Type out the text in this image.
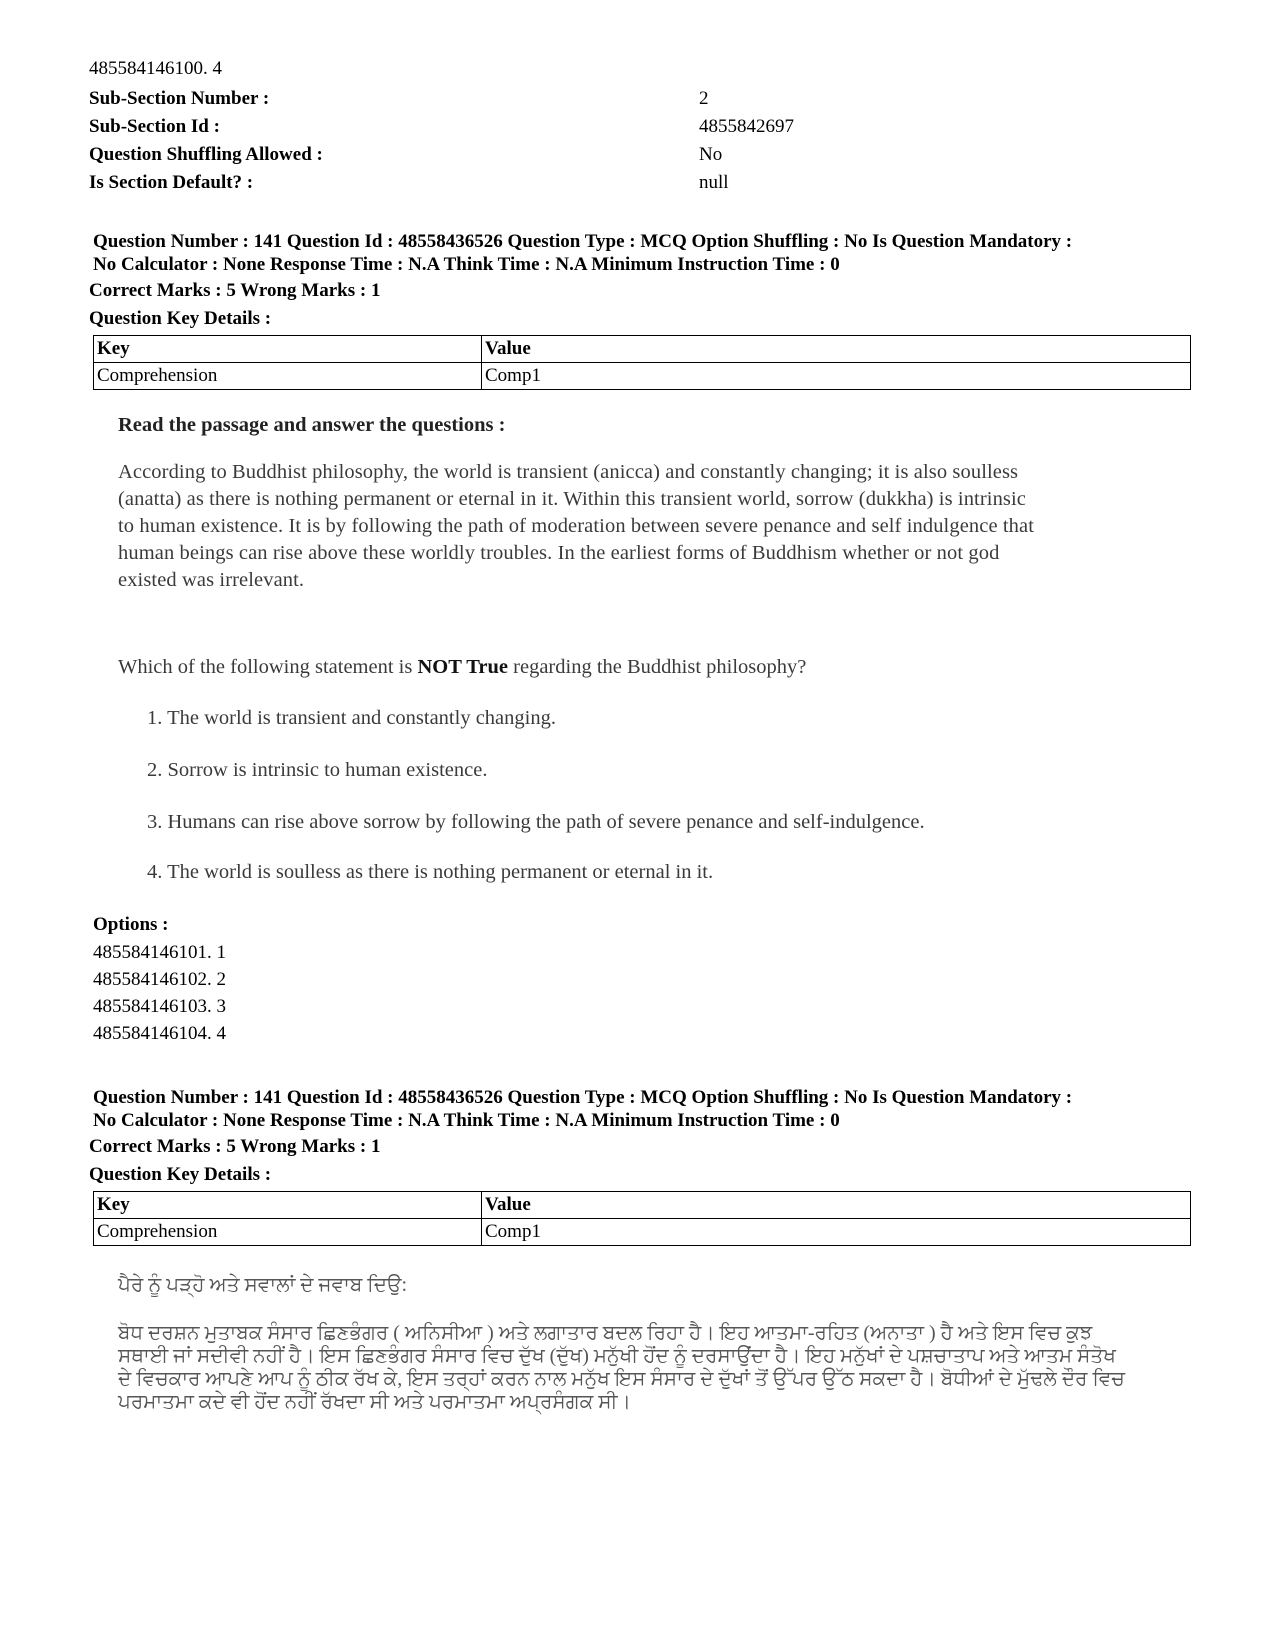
485584146100. 4
Sub-Section Number :	2
Sub-Section Id :	4855842697
Question Shuffling Allowed :	No
Is Section Default? :	null

Question Number : 141 Question Id : 48558436526 Question Type : MCQ Option Shuffling : No Is Question Mandatory :

No Calculator : None Response Time : N.A Think Time : N.A Minimum Instruction Time : 0

Correct Marks : 5 Wrong Marks : 1
Question Key Details :
Key	Value
Comprehension	Comp1
Read the passage and answer the questions :
According to Buddhist philosophy, the world is transient (anicca) and constantly changing; it is also soulless
(anatta) as there is nothing permanent or eternal in it. Within this transient world, sorrow (dukkha) is intrinsic
to human existence. It is by following the path of moderation between severe penance and self indulgence that
human beings can rise above these worldly troubles. In the earliest forms of Buddhism whether or not god
existed was irrelevant.
Which of the following statement is NOT True regarding the Buddhist philosophy?
1. The world is transient and constantly changing.
2. Sorrow is intrinsic to human existence.
3. Humans can rise above sorrow by following the path of severe penance and self-indulgence.
4. The world is soulless as there is nothing permanent or eternal in it.
Options :
485584146101. 1
485584146102. 2
485584146103. 3
485584146104. 4

Question Number : 141 Question Id : 48558436526 Question Type : MCQ Option Shuffling : No Is Question Mandatory :

No Calculator : None Response Time : N.A Think Time : N.A Minimum Instruction Time : 0

Correct Marks : 5 Wrong Marks : 1
Question Key Details :
Key	Value
Comprehension	Comp1
ਪੈਰੇ ਨੂੰ ਪੜ੍ਹੋ ਅਤੇ ਸਵਾਲਾਂ ਦੇ ਜਵਾਬ ਦਿਉ:
ਬੋਧ ਦਰਸ਼ਨ ਮੁਤਾਬਕ ਸੰਸਾਰ ਛਿਣਭੰਗਰ ( ਅਨਿਸੀਆ ) ਅਤੇ ਲਗਾਤਾਰ ਬਦਲ ਰਿਹਾ ਹੈ। ਇਹ ਆਤਮਾ-ਰਹਿਤ (ਅਨਾਤਾ ) ਹੈ ਅਤੇ ਇਸ ਵਿਚ ਕੁਝ
ਸਥਾਈ ਜਾਂ ਸਦੀਵੀ ਨਹੀਂ ਹੈ। ਇਸ ਛਿਣਭੰਗਰ ਸੰਸਾਰ ਵਿਚ ਦੁੱਖ (ਦੁੱਖ) ਮਨੁੱਖੀ ਹੋਂਦ ਨੂੰ ਦਰਸਾਉਂਦਾ ਹੈ। ਇਹ ਮਨੁੱਖਾਂ ਦੇ ਪਸ਼ਚਾਤਾਪ ਅਤੇ ਆਤਮ ਸੰਤੋਖ
ਦੇ ਵਿਚਕਾਰ ਆਪਣੇ ਆਪ ਨੂੰ ਠੀਕ ਰੱਖ ਕੇ, ਇਸ ਤਰ੍ਹਾਂ ਕਰਨ ਨਾਲ ਮਨੁੱਖ ਇਸ ਸੰਸਾਰ ਦੇ ਦੁੱਖਾਂ ਤੋਂ ਉੱਪਰ ਉੱਠ ਸਕਦਾ ਹੈ। ਬੋਧੀਆਂ ਦੇ ਮੁੱਢਲੇ ਦੌਰ ਵਿਚ
ਪਰਮਾਤਮਾ ਕਦੇ ਵੀ ਹੋਂਦ ਨਹੀਂ ਰੱਖਦਾ ਸੀ ਅਤੇ ਪਰਮਾਤਮਾ ਅਪ੍ਰਸੰਗਕ ਸੀ।
